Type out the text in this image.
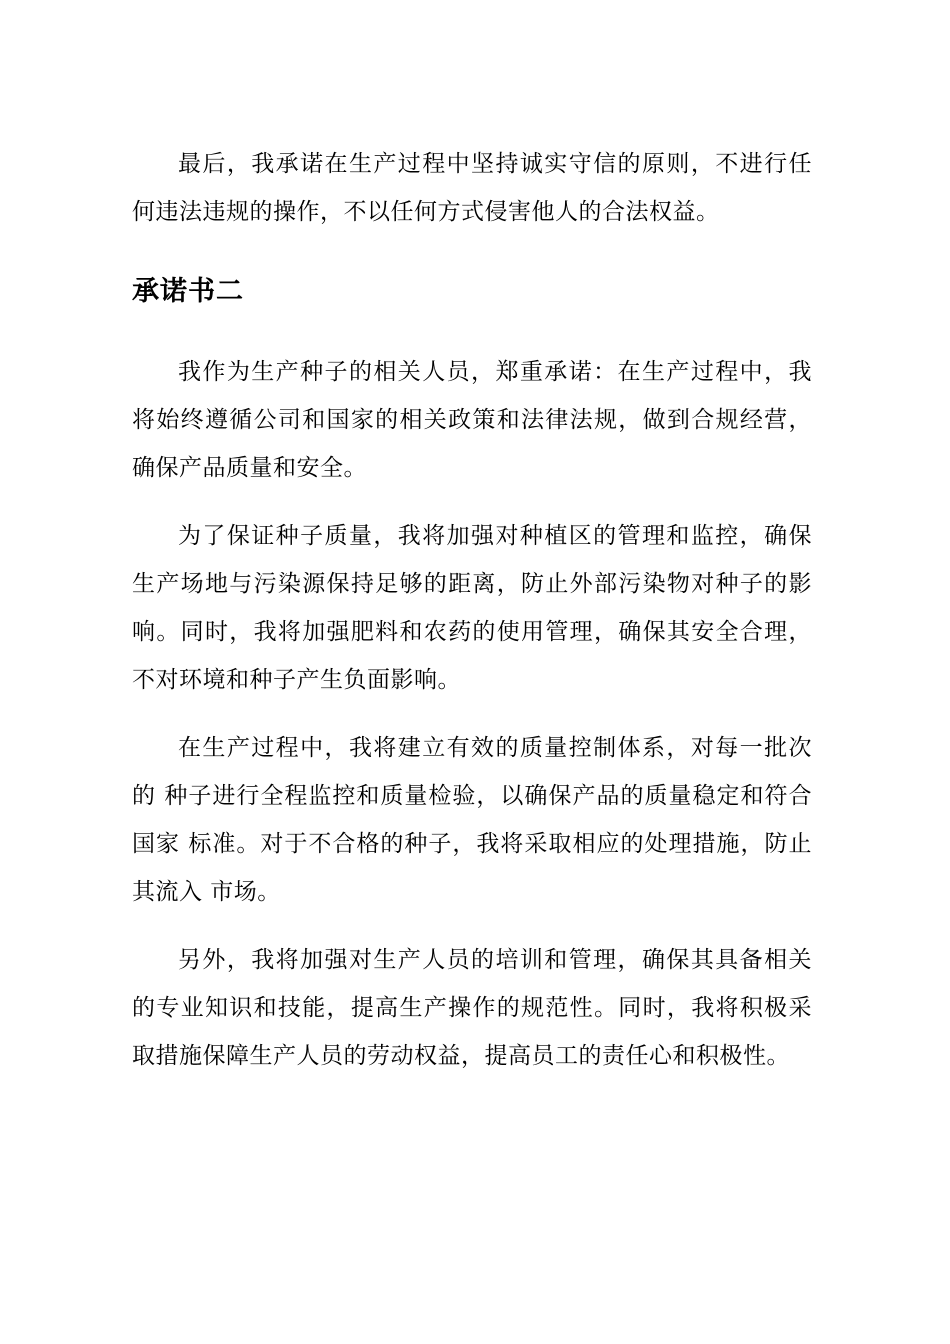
最后，我承诺在生产过程中坚持诚实守信的原则，不进行任何违法违规的操作，不以任何方式侵害他人的合法权益。

承诺书二

我作为生产种子的相关人员，郑重承诺：在生产过程中，我将始终遵循公司和国家的相关政策和法律法规，做到合规经营，确保产品质量和安全。

为了保证种子质量，我将加强对种植区的管理和监控，确保生产场地与污染源保持足够的距离，防止外部污染物对种子的影响。同时，我将加强肥料和农药的使用管理，确保其安全合理，不对环境和种子产生负面影响。

在生产过程中，我将建立有效的质量控制体系，对每一批次的 种子进行全程监控和质量检验，以确保产品的质量稳定和符合国家 标准。对于不合格的种子，我将采取相应的处理措施，防止其流入 市场。

另外，我将加强对生产人员的培训和管理，确保其具备相关的专业知识和技能，提高生产操作的规范性。同时，我将积极采取措施保障生产人员的劳动权益，提高员工的责任心和积极性。
